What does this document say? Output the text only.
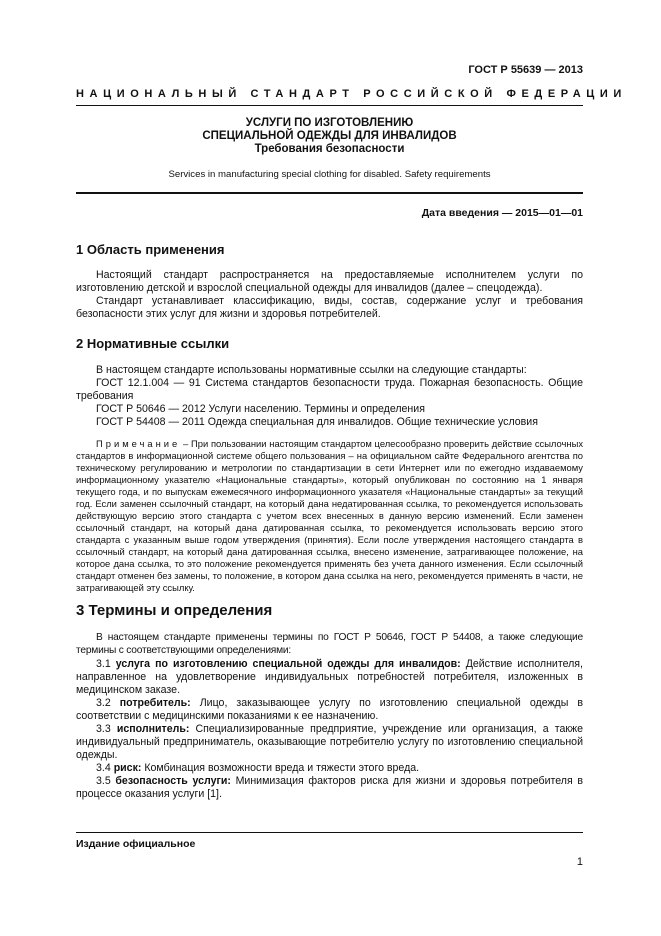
ГОСТ Р 55639 — 2013
НАЦИОНАЛЬНЫЙ СТАНДАРТ РОССИЙСКОЙ ФЕДЕРАЦИИ
УСЛУГИ ПО ИЗГОТОВЛЕНИЮ
СПЕЦИАЛЬНОЙ ОДЕЖДЫ ДЛЯ ИНВАЛИДОВ
Требования безопасности
Services in manufacturing special clothing for disabled. Safety requirements
Дата введения — 2015—01—01
1 Область применения

Настоящий стандарт распространяется на предоставляемые исполнителем услуги по изготовлению детской и взрослой специальной одежды для инвалидов (далее – спецодежда).

Стандарт устанавливает классификацию, виды, состав, содержание услуг и требования безопасности этих услуг для жизни и здоровья потребителей.

2 Нормативные ссылки

В настоящем стандарте использованы нормативные ссылки на следующие стандарты:

ГОСТ 12.1.004 — 91 Система стандартов безопасности труда. Пожарная безопасность. Общие требования

ГОСТ Р 50646 — 2012 Услуги населению. Термины и определения

ГОСТ Р 54408 — 2011 Одежда специальная для инвалидов. Общие технические условия

Примечание – При пользовании настоящим стандартом целесообразно проверить действие ссылочных стандартов в информационной системе общего пользования – на официальном сайте Федерального агентства по техническому регулированию и метрологии по стандартизации в сети Интернет или по ежегодно издаваемому информационному указателю «Национальные стандарты», который опубликован по состоянию на 1 января текущего года, и по выпускам ежемесячного информационного указателя «Национальные стандарты» за текущий год. Если заменен ссылочный стандарт, на который дана недатированная ссылка, то рекомендуется использовать действующую версию этого стандарта с учетом всех внесенных в данную версию изменений. Если заменен ссылочный стандарт, на который дана датированная ссылка, то рекомендуется использовать версию этого стандарта с указанным выше годом утверждения (принятия). Если после утверждения настоящего стандарта в ссылочный стандарт, на который дана датированная ссылка, внесено изменение, затрагивающее положение, на которое дана ссылка, то это положение рекомендуется применять без учета данного изменения. Если ссылочный стандарт отменен без замены, то положение, в котором дана ссылка на него, рекомендуется применять в части, не затрагивающей эту ссылку.
3 Термины и определения
В настоящем стандарте применены термины по ГОСТ Р 50646, ГОСТ Р 54408, а также следующие термины с соответствующими определениями:

3.1 услуга по изготовлению специальной одежды для инвалидов: Действие исполнителя, направленное на удовлетворение индивидуальных потребностей потребителя, изложенных в медицинском заказе.

3.2 потребитель: Лицо, заказывающее услугу по изготовлению специальной одежды в соответствии с медицинскими показаниями к ее назначению.

3.3 исполнитель: Специализированные предприятие, учреждение или организация, а также индивидуальный предприниматель, оказывающие потребителю услугу по изготовлению специальной одежды.

3.4 риск: Комбинация возможности вреда и тяжести этого вреда.

3.5 безопасность услуги: Минимизация факторов риска для жизни и здоровья потребителя в процессе оказания услуги [1].

Издание официальное
1
